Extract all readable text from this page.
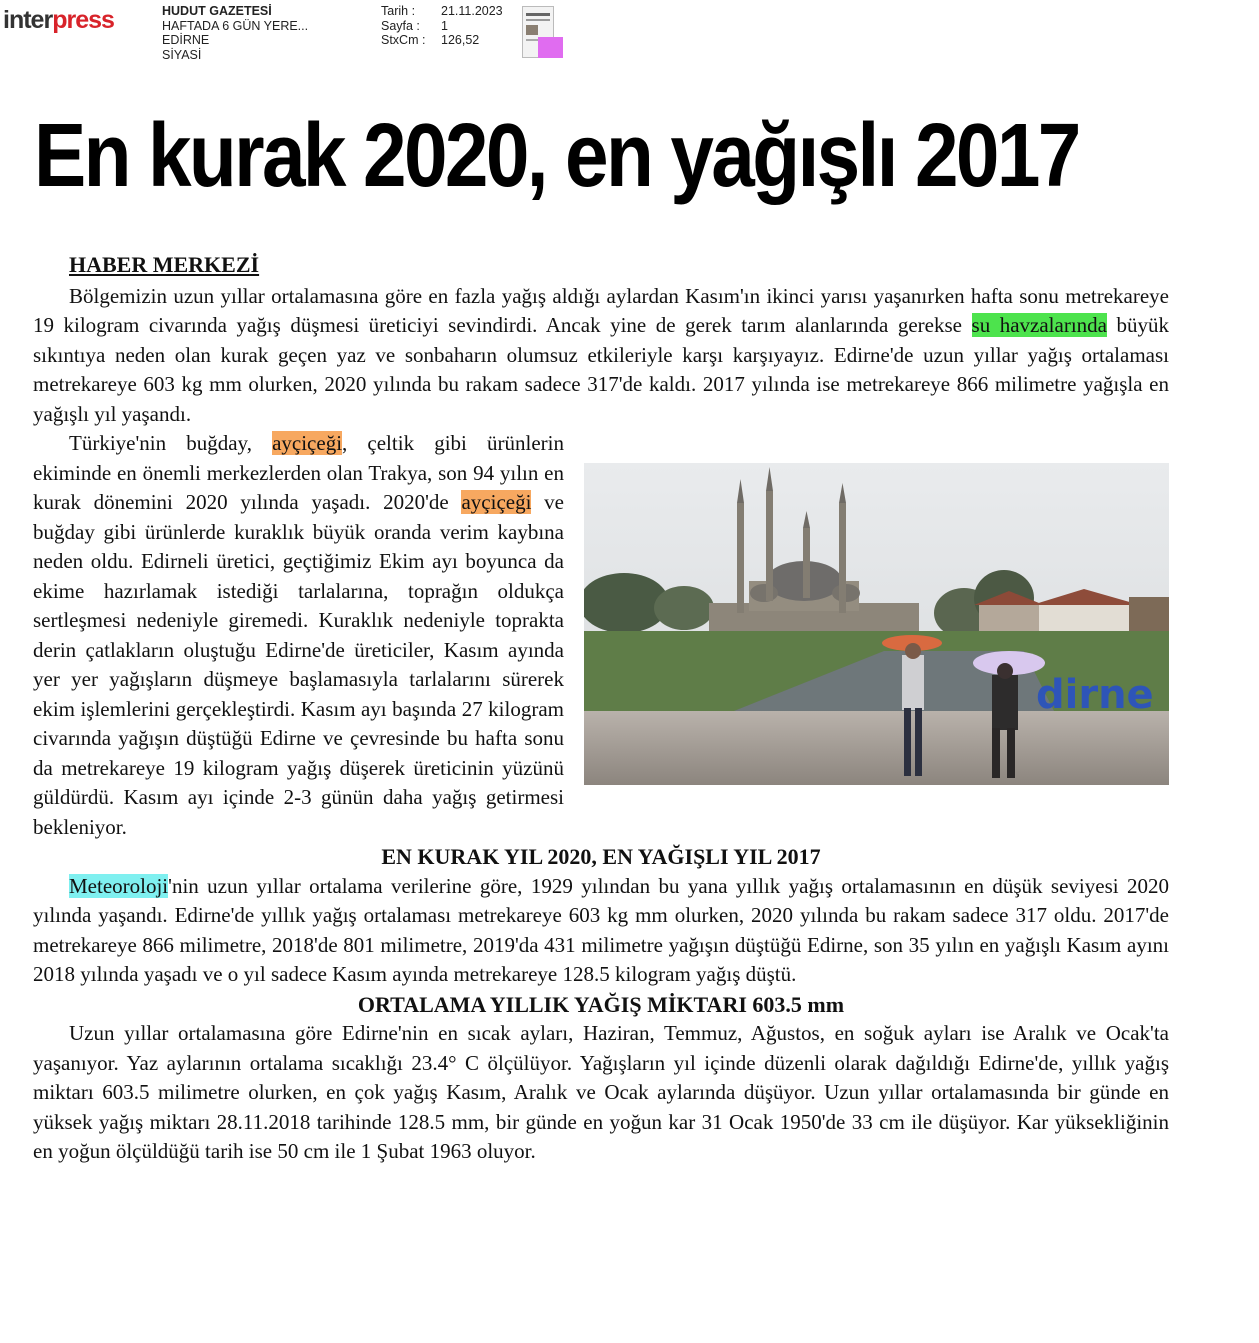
interpress	HUDUT GAZETESİ
HAFTADA 6 GÜN YERE...
EDİRNE
SİYASİ
Tarih :	21.11.2023
Sayfa :	1
StxCm :	126,52
En kurak 2020, en yağışlı 2017
HABER MERKEZİ

Bölgemizin uzun yıllar ortalamasına göre en fazla yağış aldığı aylardan Kasım'ın ikinci yarısı yaşanırken hafta sonu metrekareye 19 kilogram civarında yağış düşmesi üreticiyi sevindirdi. Ancak yine de gerek tarım alanlarında gerekse su havzalarında büyük sıkıntıya neden olan kurak geçen yaz ve sonbaharın olumsuz etkileriyle karşı karşıyayız. Edirne'de uzun yıllar yağış ortalaması metrekareye 603 kg mm olurken, 2020 yılında bu rakam sadece 317'de kaldı. 2017 yılında ise metrekareye 866 milimetre yağışla en yağışlı yıl yaşandı.

dirne

Türkiye'nin buğday, ayçiçeği, çeltik gibi ürünlerin ekiminde en önemli merkezlerden olan Trakya, son 94 yılın en kurak dönemini 2020 yılında yaşadı. 2020'de ayçiçeği ve buğday gibi ürünlerde kuraklık büyük oranda verim kaybına neden oldu. Edirneli üretici, geçtiğimiz Ekim ayı boyunca da ekime hazırlamak istediği tarlalarına, toprağın oldukça sertleşmesi nedeniyle giremedi. Kuraklık nedeniyle toprakta derin çatlakların oluştuğu Edirne'de üreticiler, Kasım ayında yer yer yağışların düşmeye başlamasıyla tarlalarını sürerek ekim işlemlerini gerçekleştirdi. Kasım ayı başında 27 kilogram civarında yağışın düştüğü Edirne ve çevresinde bu hafta sonu da metrekareye 19 kilogram yağış düşerek üreticinin yüzünü güldürdü. Kasım ayı içinde 2-3 günün daha yağış getirmesi bekleniyor.

EN KURAK YIL 2020, EN YAĞIŞLI YIL 2017

Meteoroloji'nin uzun yıllar ortalama verilerine göre, 1929 yılından bu yana yıllık yağış ortalamasının en düşük seviyesi 2020 yılında yaşandı. Edirne'de yıllık yağış ortalaması metrekareye 603 kg mm olurken, 2020 yılında bu rakam sadece 317 oldu. 2017'de metrekareye 866 milimetre, 2018'de 801 milimetre, 2019'da 431 milimetre yağışın düştüğü Edirne, son 35 yılın en yağışlı Kasım ayını 2018 yılında yaşadı ve o yıl sadece Kasım ayında metrekareye 128.5 kilogram yağış düştü.

ORTALAMA YILLIK YAĞIŞ MİKTARI 603.5 mm

Uzun yıllar ortalamasına göre Edirne'nin en sıcak ayları, Haziran, Temmuz, Ağustos, en soğuk ayları ise Aralık ve Ocak'ta yaşanıyor. Yaz aylarının ortalama sıcaklığı 23.4° C ölçülüyor. Yağışların yıl içinde düzenli olarak dağıldığı Edirne'de, yıllık yağış miktarı 603.5 milimetre olurken, en çok yağış Kasım, Aralık ve Ocak aylarında düşüyor. Uzun yıllar ortalamasında bir günde en yüksek yağış miktarı 28.11.2018 tarihinde 128.5 mm, bir günde en yoğun kar 31 Ocak 1950'de 33 cm ile düşüyor. Kar yüksekliğinin en yoğun ölçüldüğü tarih ise 50 cm ile 1 Şubat 1963 oluyor.
